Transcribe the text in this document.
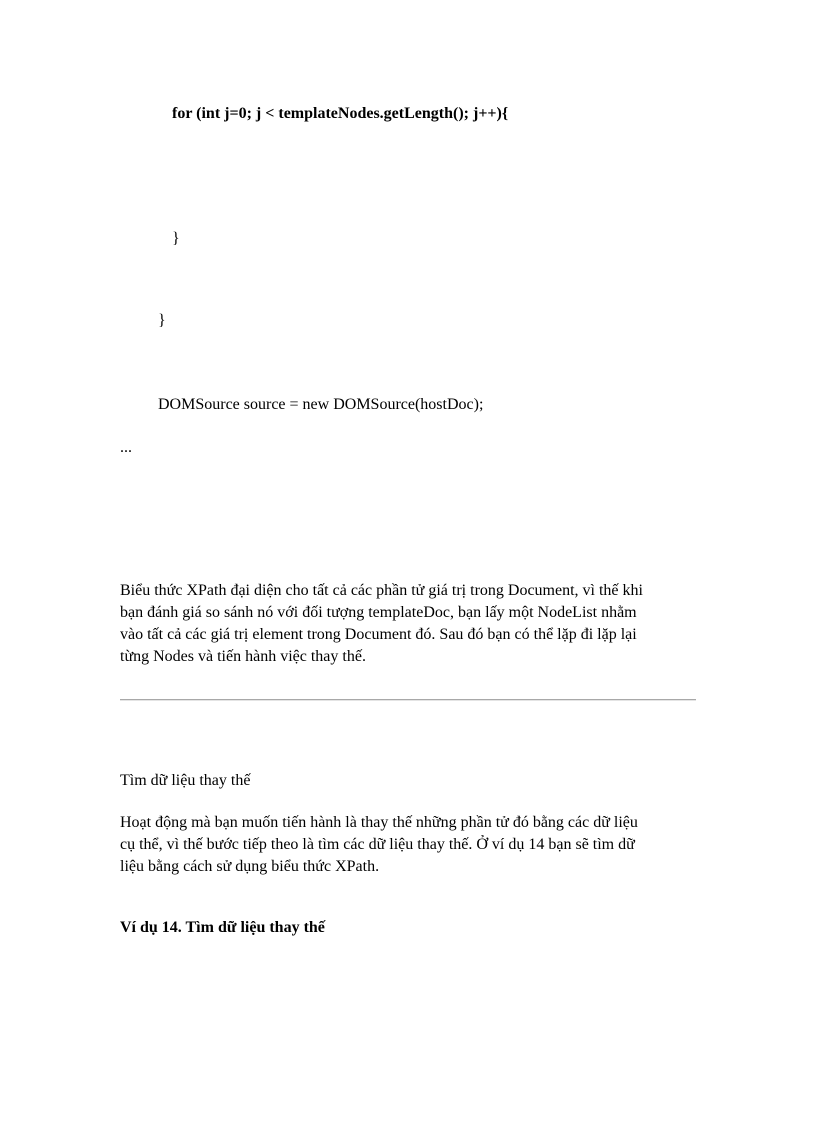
for (int j=0; j < templateNodes.getLength(); j++){
}
}
DOMSource source = new DOMSource(hostDoc);
...
Biểu thức XPath đại diện cho tất cả các phần tử giá trị trong Document, vì thế khi
bạn đánh giá so sánh nó với đối tượng templateDoc, bạn lấy một NodeList nhằm
vào tất cả các giá trị element trong Document đó. Sau đó bạn có thể lặp đi lặp lại
từng Nodes và tiến hành việc thay thế.
Tìm dữ liệu thay thế
Hoạt động mà bạn muốn tiến hành là thay thế những phần tử đó bằng các dữ liệu
cụ thể, vì thế bước tiếp theo là tìm các dữ liệu thay thế. Ở ví dụ 14 bạn sẽ tìm dữ
liệu bằng cách sử dụng biểu thức XPath.
Ví dụ 14. Tìm dữ liệu thay thế
